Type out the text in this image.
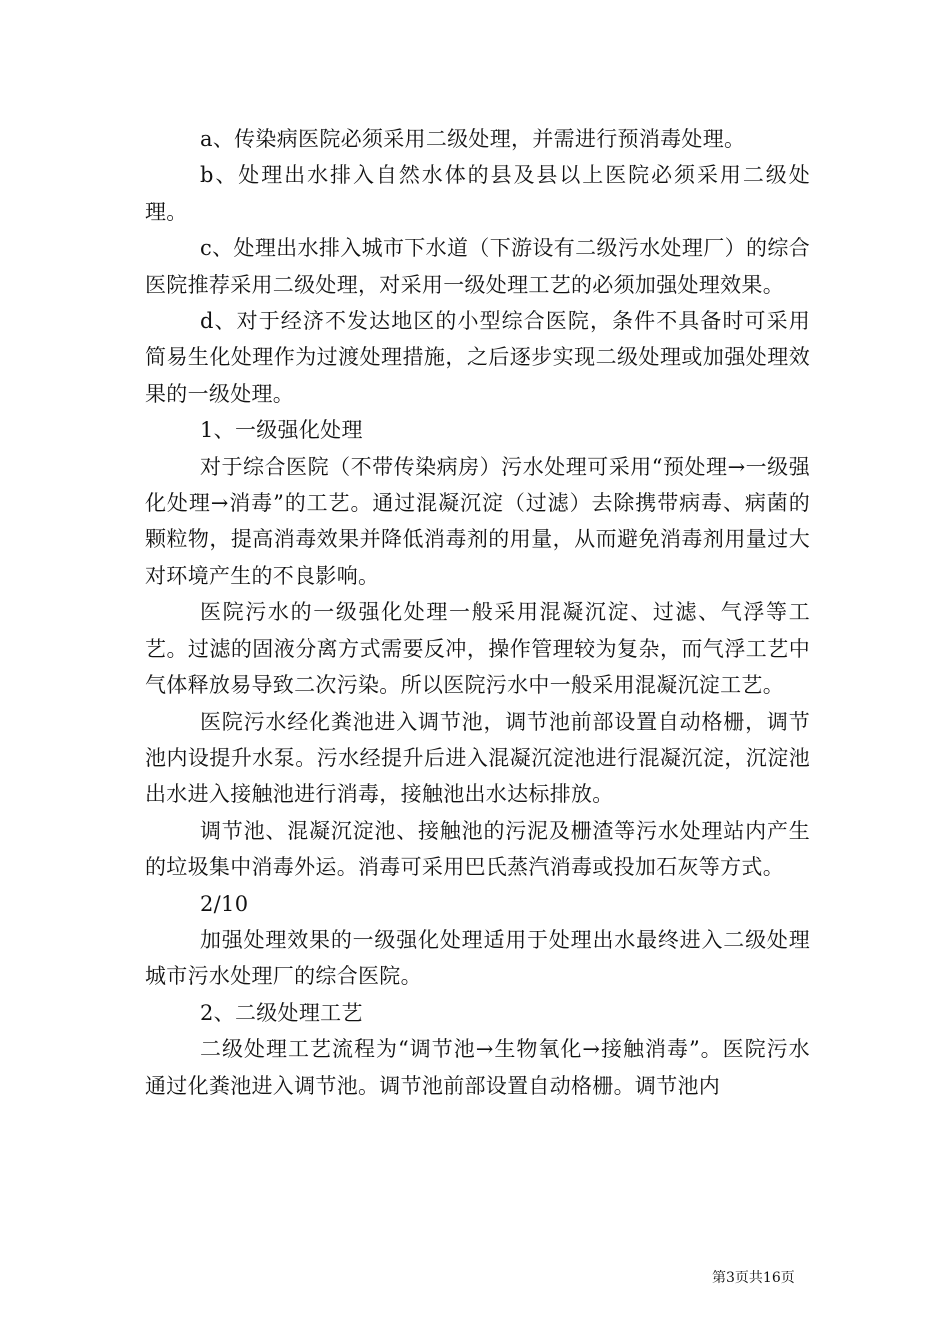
a、传染病医院必须采用二级处理，并需进行预消毒处理。

b、处理出水排入自然水体的县及县以上医院必须采用二级处理。

c、处理出水排入城市下水道（下游设有二级污水处理厂）的综合医院推荐采用二级处理，对采用一级处理工艺的必须加强处理效果。

d、对于经济不发达地区的小型综合医院，条件不具备时可采用简易生化处理作为过渡处理措施，之后逐步实现二级处理或加强处理效果的一级处理。

1、一级强化处理

对于综合医院（不带传染病房）污水处理可采用“预处理→一级强化处理→消毒”的工艺。通过混凝沉淀（过滤）去除携带病毒、病菌的颗粒物，提高消毒效果并降低消毒剂的用量，从而避免消毒剂用量过大对环境产生的不良影响。

医院污水的一级强化处理一般采用混凝沉淀、过滤、气浮等工艺。过滤的固液分离方式需要反冲，操作管理较为复杂，而气浮工艺中气体释放易导致二次污染。所以医院污水中一般采用混凝沉淀工艺。

医院污水经化粪池进入调节池，调节池前部设置自动格栅，调节池内设提升水泵。污水经提升后进入混凝沉淀池进行混凝沉淀，沉淀池出水进入接触池进行消毒，接触池出水达标排放。

调节池、混凝沉淀池、接触池的污泥及栅渣等污水处理站内产生的垃圾集中消毒外运。消毒可采用巴氏蒸汽消毒或投加石灰等方式。

2/10

加强处理效果的一级强化处理适用于处理出水最终进入二级处理城市污水处理厂的综合医院。

2、二级处理工艺

二级处理工艺流程为“调节池→生物氧化→接触消毒”。医院污水通过化粪池进入调节池。调节池前部设置自动格栅。调节池内

第3页共16页
